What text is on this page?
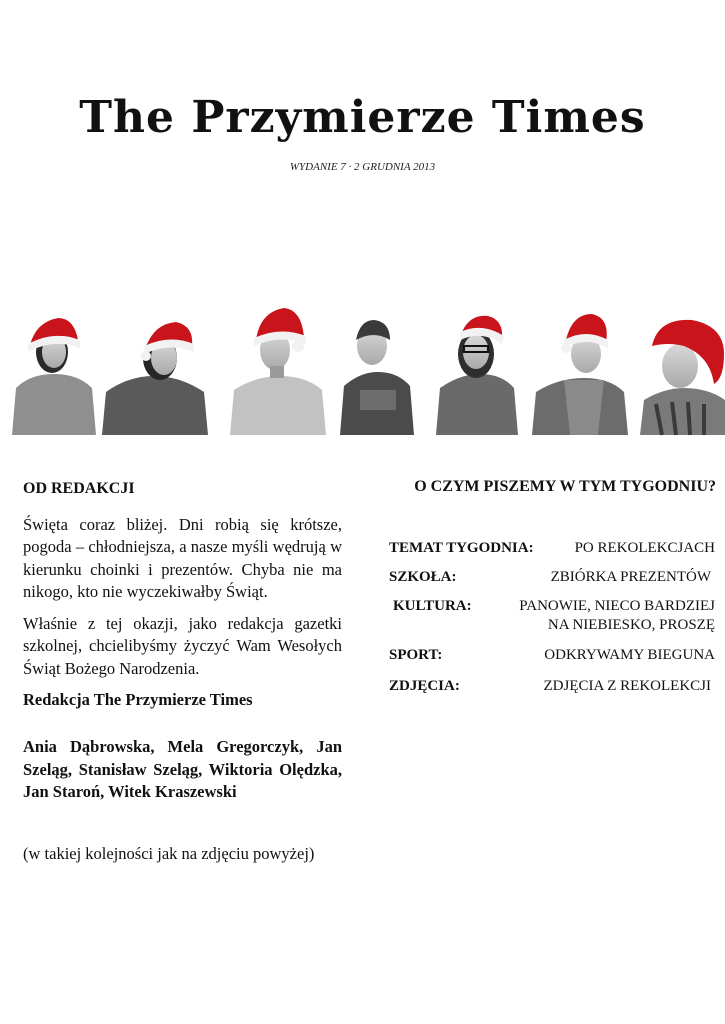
The Przymierze Times
WYDANIE 7 · 2 GRUDNIA 2013
OD REDAKCJI

Święta coraz bliżej. Dni robią się krótsze, pogoda – chłodniejsza, a nasze myśli wędrują w kierunku choinki i prezentów. Chyba nie ma nikogo, kto nie wyczekiwałby Świąt.

Właśnie z tej okazji, jako redakcja gazetki szkolnej, chcielibyśmy życzyć Wam Wesołych Świąt Bożego Narodzenia.

Redakcja The Przymierze Times

Ania Dąbrowska, Mela Gregorczyk, Jan Szeląg, Stanisław Szeląg, Wiktoria Olędzka, Jan Staroń, Witek Kraszewski
(w takiej kolejności jak na zdjęciu powyżej)
O CZYM PISZEMY W TYM TYGODNIU?
TEMAT TYGODNIA:	PO REKOLEKCJACH
SZKOŁA:	ZBIÓRKA PREZENTÓW
KULTURA:	PANOWIE, NIECO BARDZIEJ NA NIEBIESKO, PROSZĘ
SPORT:	ODKRYWAMY BIEGUNA
ZDJĘCIA:	ZDJĘCIA Z REKOLEKCJI
